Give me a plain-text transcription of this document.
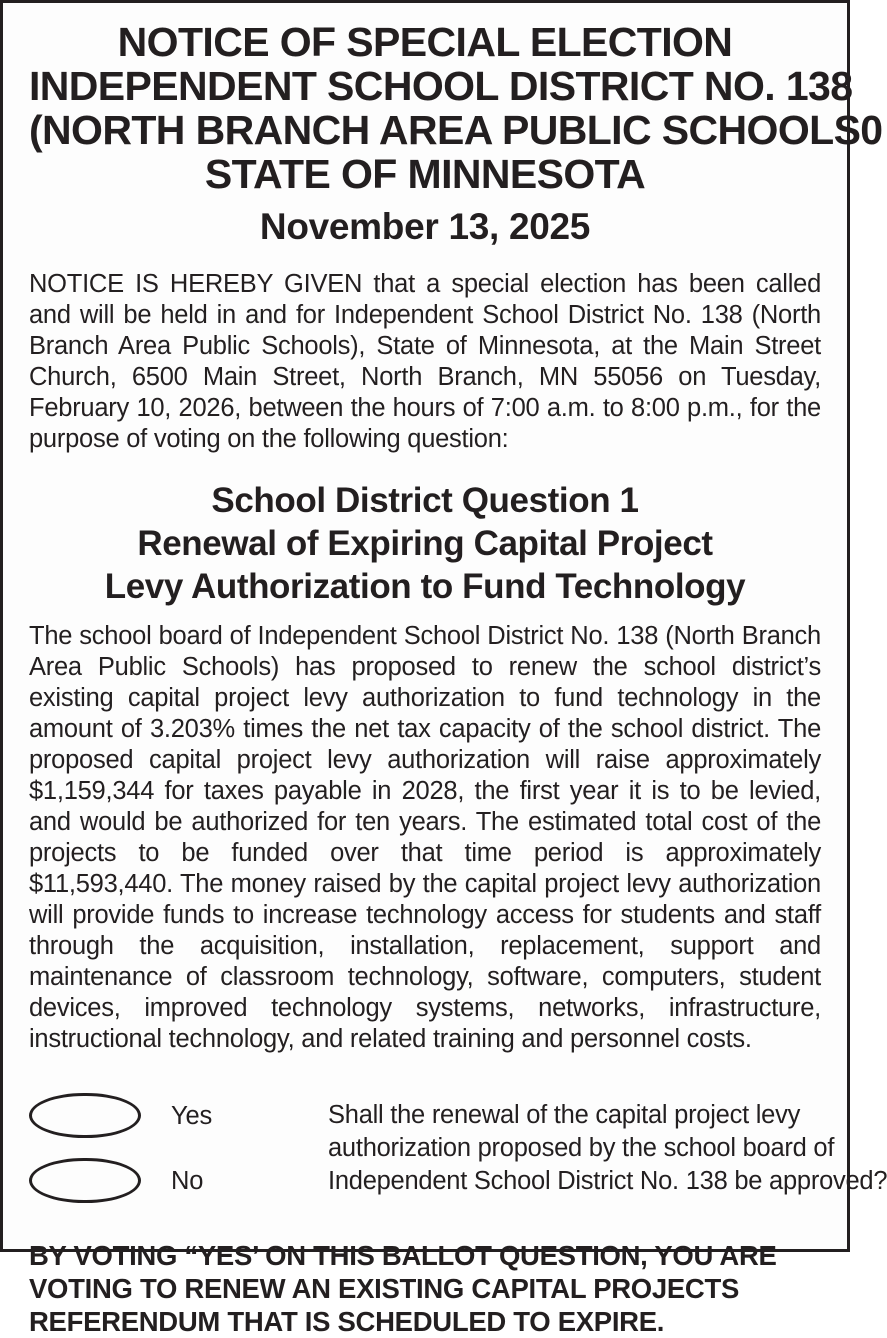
NOTICE OF SPECIAL ELECTION
INDEPENDENT SCHOOL DISTRICT NO. 138
(NORTH BRANCH AREA PUBLIC SCHOOLS0
STATE OF MINNESOTA
November 13, 2025

NOTICE IS HEREBY GIVEN that a special election has been called and will be held in and for Independent School District No. 138 (North Branch Area Public Schools), State of Minnesota, at the Main Street Church, 6500 Main Street, North Branch, MN 55056 on Tuesday, February 10, 2026, between the hours of 7:00 a.m. to 8:00 p.m., for the purpose of voting on the following question:

School District Question 1
Renewal of Expiring Capital Project
Levy Authorization to Fund Technology

The school board of Independent School District No. 138 (North Branch Area Public Schools) has proposed to renew the school district’s existing capital project levy authorization to fund technology in the amount of 3.203% times the net tax capacity of the school district. The proposed capital project levy authorization will raise approximately $1,159,344 for taxes payable in 2028, the first year it is to be levied, and would be authorized for ten years. The estimated total cost of the projects to be funded over that time period is approximately $11,593,440. The money raised by the capital project levy authorization will provide funds to increase technology access for students and staff through the acquisition, installation, replacement, support and maintenance of classroom technology, software, computers, student devices, improved technology systems, networks, infrastructure, instructional technology, and related training and personnel costs.

Yes
No
Shall the renewal of the capital project levy
authorization proposed by the school board of
Independent School District No. 138 be approved?
BY VOTING “YES’ ON THIS BALLOT QUESTION, YOU ARE
VOTING TO RENEW AN EXISTING CAPITAL PROJECTS
REFERENDUM THAT IS SCHEDULED TO EXPIRE.
